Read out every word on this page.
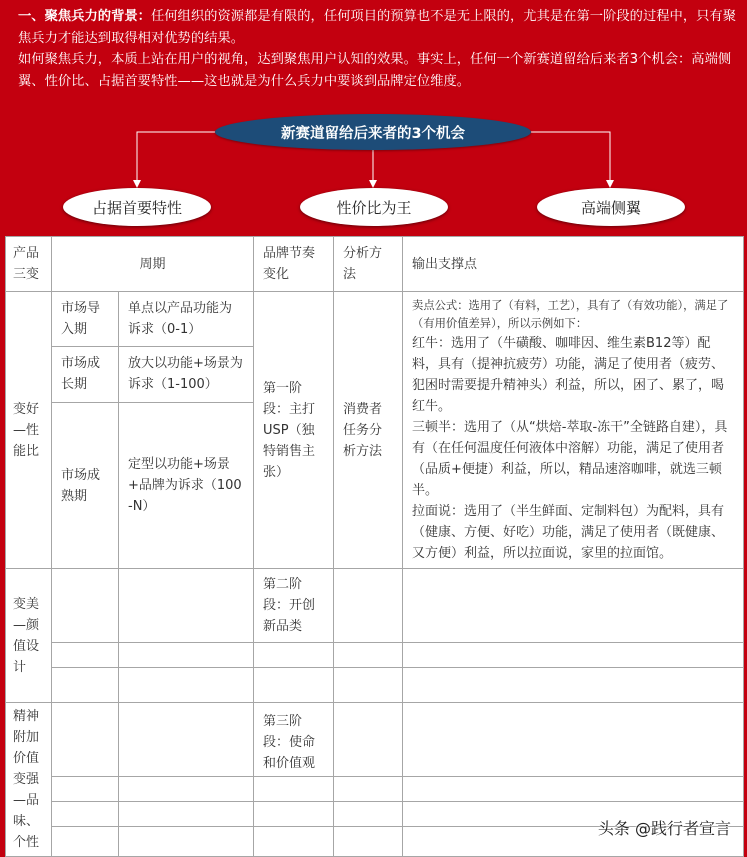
一、聚焦兵力的背景：任何组织的资源都是有限的，任何项目的预算也不是无上限的，尤其是在第一阶段的过程中，只有聚焦兵力才能达到取得相对优势的结果。

如何聚焦兵力，本质上站在用户的视角，达到聚焦用户认知的效果。事实上，任何一个新赛道留给后来者3个机会：高端侧翼、性价比、占据首要特性——这也就是为什么兵力中要谈到品牌定位维度。

新赛道留给后来者的3个机会
占据首要特性	性价比为王	高端侧翼
产品三变	周期		品牌节奏变化	分析方法	输出支撑点
变好—性能比	市场导入期	单点以产品功能为诉求（0-1）	第一阶段：主打USP（独特销售主张）	消费者任务分析方法	卖点公式：选用了（有料，工艺），具有了（有效功能），满足了（有用价值差异），所以示例如下：
红牛：选用了（牛磺酸、咖啡因、维生素B12等）配料，具有（提神抗疲劳）功能，满足了使用者（疲劳、犯困时需要提升精神头）利益，所以，困了、累了，喝红牛。
三顿半：选用了（从“烘焙-萃取-冻干”全链路自建），具有（在任何温度任何液体中溶解）功能，满足了使用者（品质+便捷）利益，所以，精品速溶咖啡，就选三顿半。
拉面说：选用了（半生鲜面、定制料包）为配料，具有（健康、方便、好吃）功能，满足了使用者（既健康、又方便）利益，所以拉面说，家里的拉面馆。

	市场成长期	放大以功能+场景为诉求（1-100）			
	市场成熟期	定型以功能+场景+品牌为诉求（100-N）			
变美—颜值设计			第二阶段：开创新品类		

精神附加价值变强—品味、个性			第三阶段：使命和价值观		

头条 @践行者宣言
